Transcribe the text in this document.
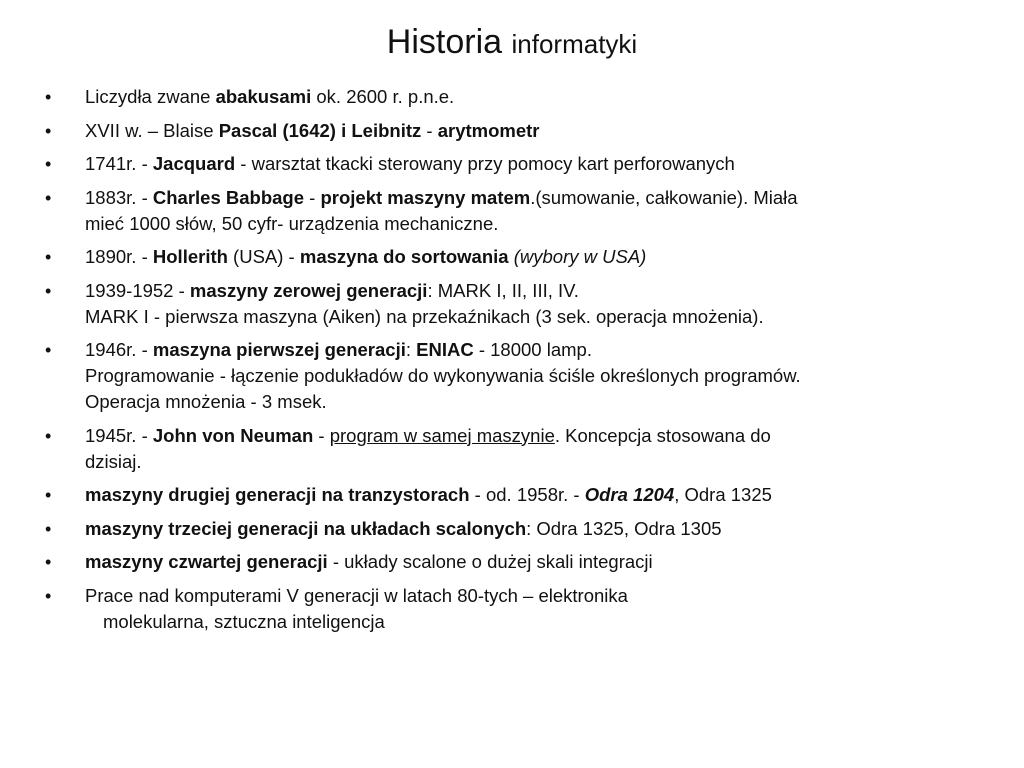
Historia informatyki
• Liczydła zwane abakusami ok. 2600 r. p.n.e.
• XVII w. – Blaise Pascal (1642) i Leibnitz - arytmometr
• 1741r. - Jacquard - warsztat tkacki sterowany przy pomocy kart perforowanych
• 1883r. - Charles Babbage - projekt maszyny matem.(sumowanie, całkowanie). Miała
mieć 1000 słów, 50 cyfr- urządzenia mechaniczne.
• 1890r. - Hollerith (USA) - maszyna do sortowania (wybory w USA)
• 1939-1952 - maszyny zerowej generacji: MARK I, II, III, IV.
MARK I - pierwsza maszyna (Aiken) na przekaźnikach (3 sek. operacja mnożenia).
• 1946r. - maszyna pierwszej generacji: ENIAC - 18000 lamp.
Programowanie - łączenie podukładów do wykonywania ściśle określonych programów.
Operacja mnożenia - 3 msek.
• 1945r. - John von Neuman - program w samej maszynie. Koncepcja stosowana do
dzisiaj.
• maszyny drugiej generacji na tranzystorach - od. 1958r. - Odra 1204, Odra 1325
• maszyny trzeciej generacji na układach scalonych: Odra 1325, Odra 1305
• maszyny czwartej generacji - układy scalone o dużej skali integracji
• Prace nad komputerami V generacji w latach 80-tych – elektronika
molekularna, sztuczna inteligencja
